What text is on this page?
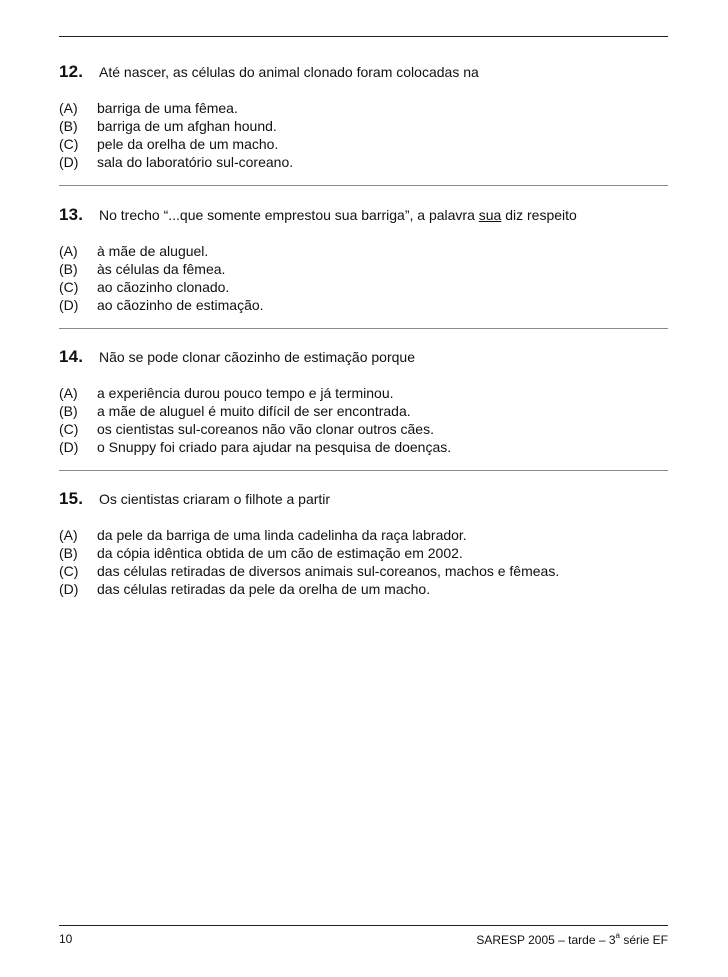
12.	Até nascer, as células do animal clonado foram colocadas na
(A)	barriga de uma fêmea.
(B)	barriga de um afghan hound.
(C)	pele da orelha de um macho.
(D)	sala do laboratório sul-coreano.
13.	No trecho “...que somente emprestou sua barriga”, a palavra sua diz respeito
(A)	à mãe de aluguel.
(B)	às células da fêmea.
(C)	ao cãozinho clonado.
(D)	ao cãozinho de estimação.
14.	Não se pode clonar cãozinho de estimação porque
(A)	a experiência durou pouco tempo e já terminou.
(B)	a mãe de aluguel é muito difícil de ser encontrada.
(C)	os cientistas sul-coreanos não vão clonar outros cães.
(D)	o Snuppy foi criado para ajudar na pesquisa de doenças.
15.	Os cientistas criaram o filhote a partir
(A)	da pele da barriga de uma linda cadelinha da raça labrador.
(B)	da cópia idêntica obtida de um cão de estimação em 2002.
(C)	das células retiradas de diversos animais sul-coreanos, machos e fêmeas.
(D)	das células retiradas da pele da orelha de um macho.
10	SARESP 2005 – tarde – 3$^a$ série EF
